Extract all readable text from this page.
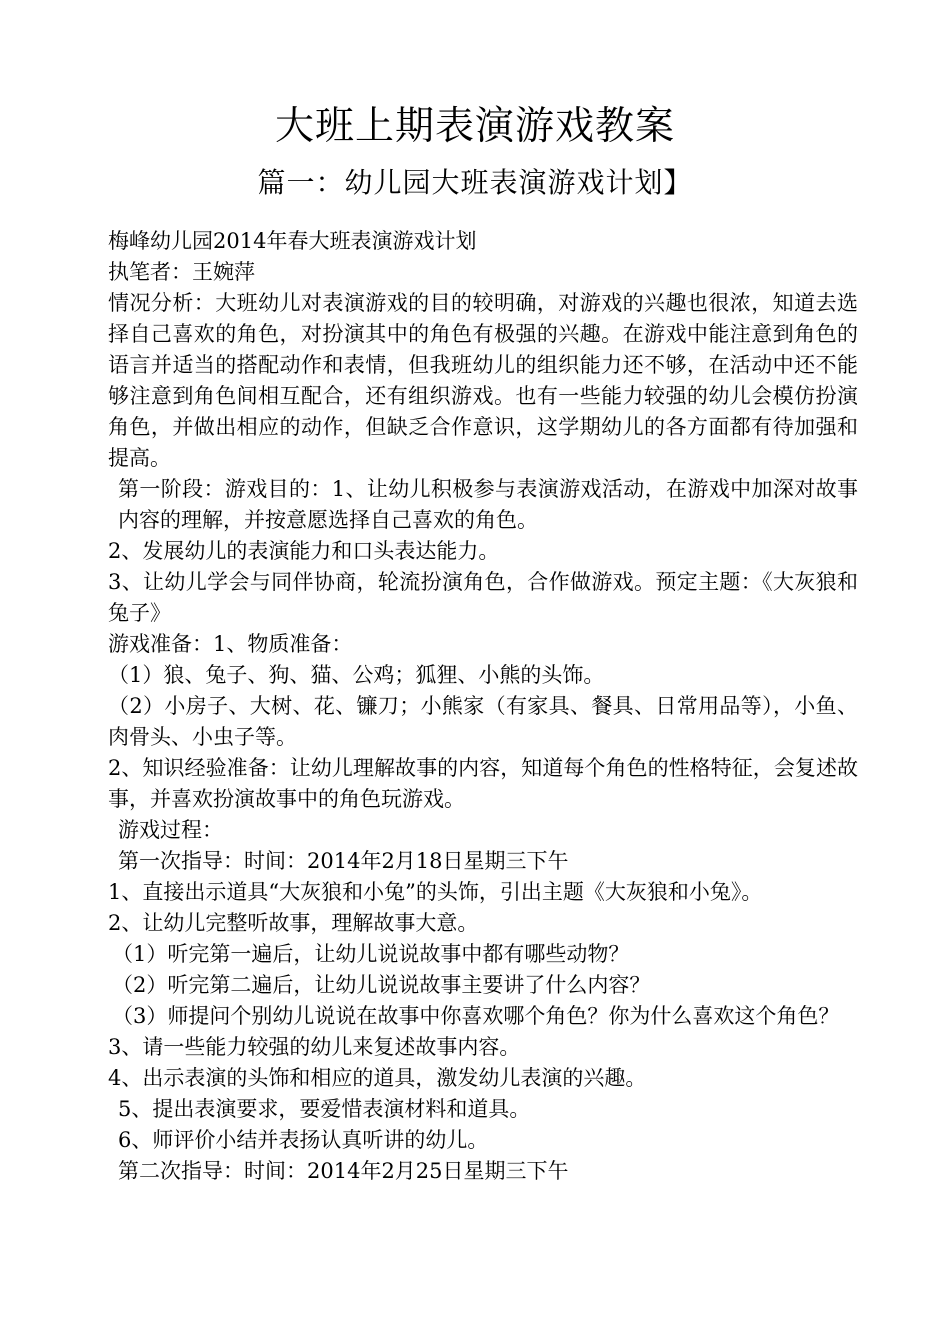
大班上期表演游戏教案
篇一：幼儿园大班表演游戏计划】

梅峰幼儿园2014年春大班表演游戏计划

执笔者：王婉萍

情况分析：大班幼儿对表演游戏的目的较明确，对游戏的兴趣也很浓，知道去选择自己喜欢的角色，对扮演其中的角色有极强的兴趣。在游戏中能注意到角色的语言并适当的搭配动作和表情，但我班幼儿的组织能力还不够，在活动中还不能够注意到角色间相互配合，还有组织游戏。也有一些能力较强的幼儿会模仿扮演角色，并做出相应的动作，但缺乏合作意识，这学期幼儿的各方面都有待加强和提高。

第一阶段：游戏目的：1、让幼儿积极参与表演游戏活动，在游戏中加深对故事内容的理解，并按意愿选择自己喜欢的角色。

2、发展幼儿的表演能力和口头表达能力。

3、让幼儿学会与同伴协商，轮流扮演角色，合作做游戏。预定主题：《大灰狼和兔子》

游戏准备：1、物质准备：

（1）狼、兔子、狗、猫、公鸡；狐狸、小熊的头饰。

（2）小房子、大树、花、镰刀；小熊家（有家具、餐具、日常用品等），小鱼、肉骨头、小虫子等。

2、知识经验准备：让幼儿理解故事的内容，知道每个角色的性格特征，会复述故事，并喜欢扮演故事中的角色玩游戏。

游戏过程：

第一次指导：时间：2014年2月18日星期三下午

1、直接出示道具“大灰狼和小兔”的头饰，引出主题《大灰狼和小兔》。

2、让幼儿完整听故事，理解故事大意。

（1）听完第一遍后，让幼儿说说故事中都有哪些动物？

（2）听完第二遍后，让幼儿说说故事主要讲了什么内容？

（3）师提问个别幼儿说说在故事中你喜欢哪个角色？你为什么喜欢这个角色？

3、请一些能力较强的幼儿来复述故事内容。

4、出示表演的头饰和相应的道具，激发幼儿表演的兴趣。

5、提出表演要求，要爱惜表演材料和道具。

6、师评价小结并表扬认真听讲的幼儿。

第二次指导：时间：2014年2月25日星期三下午
